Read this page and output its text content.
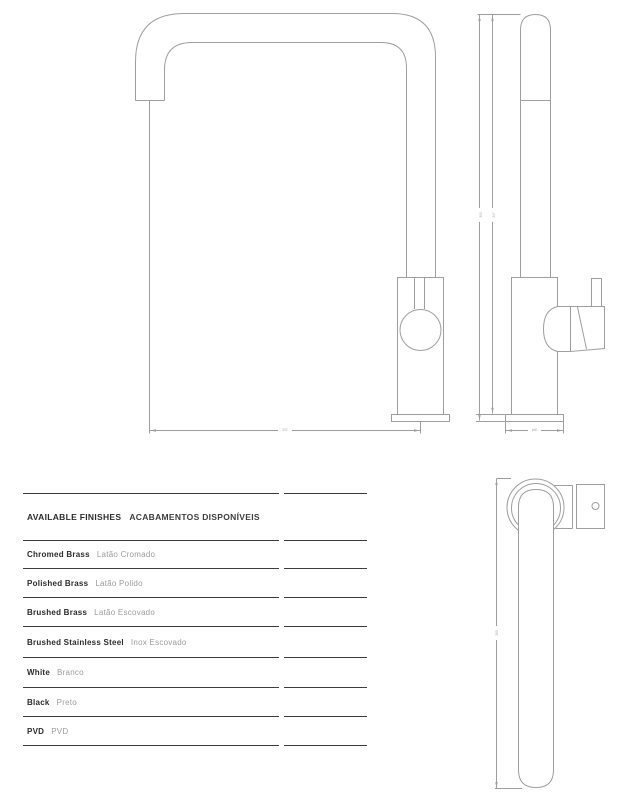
232
390	347
ø50
260
AVAILABLE FINISHES ACABAMENTOS DISPONÍVEIS
Chromed Brass Latão Cromado
Polished Brass Latão Polido
Brushed Brass Latão Escovado
Brushed Stainless Steel Inox Escovado
White Branco
Black Preto
PVD PVD
